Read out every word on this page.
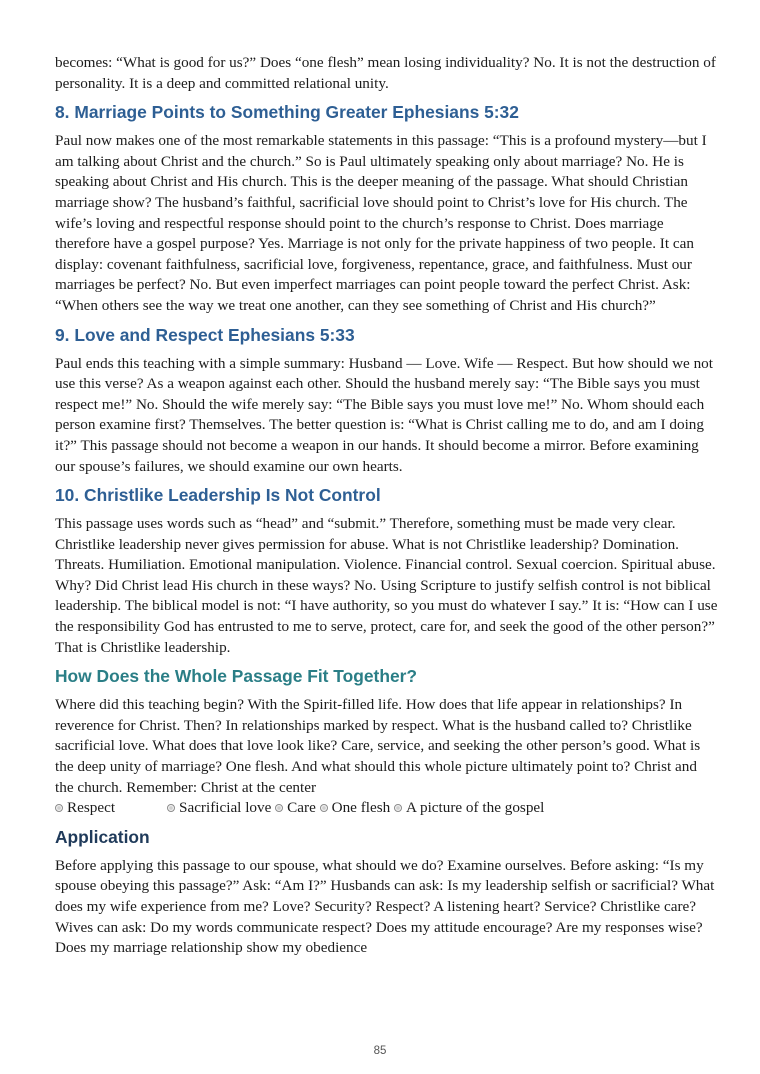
becomes: “What is good for us?” Does “one flesh” mean losing individuality? No. It is not the destruction of personality. It is a deep and committed relational unity.

8. Marriage Points to Something Greater Ephesians 5:32

Paul now makes one of the most remarkable statements in this passage: “This is a profound mystery—but I am talking about Christ and the church.” So is Paul ultimately speaking only about marriage? No. He is speaking about Christ and His church. This is the deeper meaning of the passage. What should Christian marriage show? The husband’s faithful, sacrificial love should point to Christ’s love for His church. The wife’s loving and respectful response should point to the church’s response to Christ. Does marriage therefore have a gospel purpose? Yes. Marriage is not only for the private happiness of two people. It can display: covenant faithfulness, sacrificial love, forgiveness, repentance, grace, and faithfulness. Must our marriages be perfect? No. But even imperfect marriages can point people toward the perfect Christ. Ask: “When others see the way we treat one another, can they see something of Christ and His church?”

9. Love and Respect Ephesians 5:33

Paul ends this teaching with a simple summary: Husband — Love. Wife — Respect. But how should we not use this verse? As a weapon against each other. Should the husband merely say: “The Bible says you must respect me!” No. Should the wife merely say: “The Bible says you must love me!” No. Whom should each person examine first? Themselves. The better question is: “What is Christ calling me to do, and am I doing it?” This passage should not become a weapon in our hands. It should become a mirror. Before examining our spouse’s failures, we should examine our own hearts.

10. Christlike Leadership Is Not Control

This passage uses words such as “head” and “submit.” Therefore, something must be made very clear. Christlike leadership never gives permission for abuse. What is not Christlike leadership? Domination. Threats. Humiliation. Emotional manipulation. Violence. Financial control. Sexual coercion. Spiritual abuse. Why? Did Christ lead His church in these ways? No. Using Scripture to justify selfish control is not biblical leadership. The biblical model is not: “I have authority, so you must do whatever I say.” It is: “How can I use the responsibility God has entrusted to me to serve, protect, care for, and seek the good of the other person?” That is Christlike leadership.

How Does the Whole Passage Fit Together?

Where did this teaching begin? With the Spirit-filled life. How does that life appear in relationships? In reverence for Christ. Then? In relationships marked by respect. What is the husband called to? Christlike sacrificial love. What does that love look like? Care, service, and seeking the other person’s good. What is the deep unity of marriage? One flesh. And what should this whole picture ultimately point to? Christ and the church. Remember: Christ at the center

Respect	Sacrificial love Care One flesh A picture of the gospel
Application

Before applying this passage to our spouse, what should we do? Examine ourselves. Before asking: “Is my spouse obeying this passage?” Ask: “Am I?” Husbands can ask: Is my leadership selfish or sacrificial? What does my wife experience from me? Love? Security? Respect? A listening heart? Service? Christlike care? Wives can ask: Do my words communicate respect? Does my attitude encourage? Are my responses wise? Does my marriage relationship show my obedience

85
